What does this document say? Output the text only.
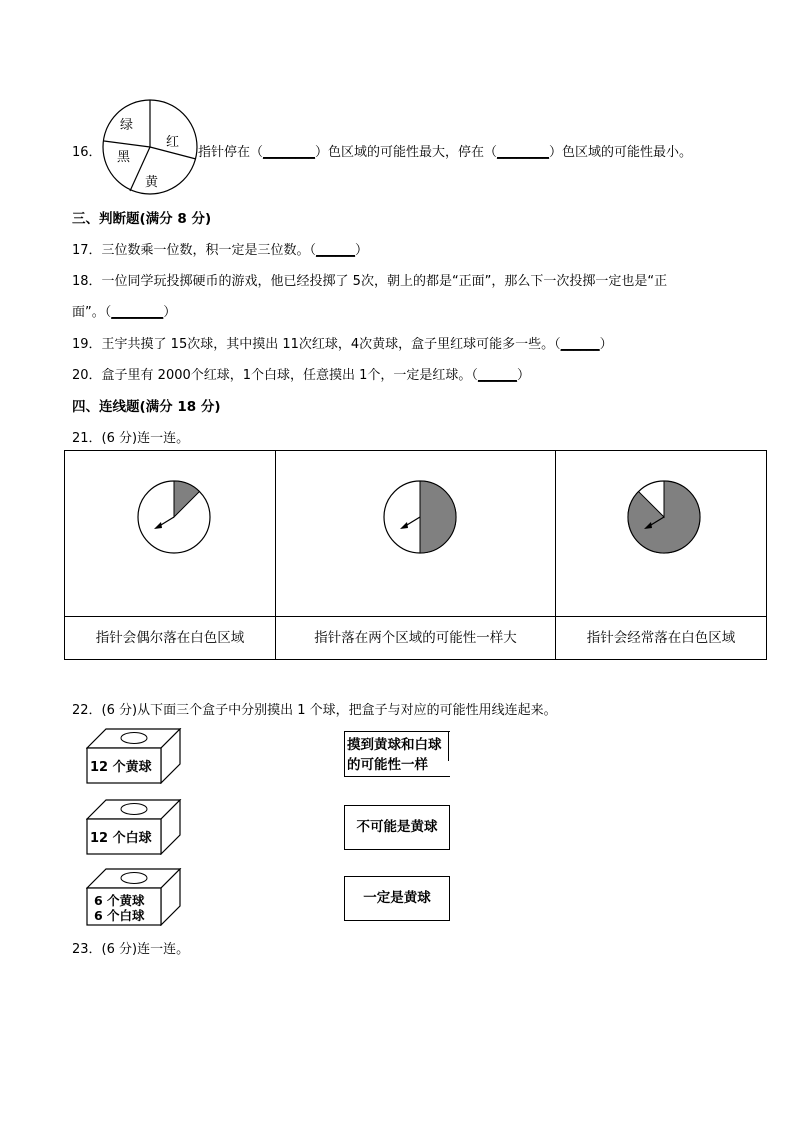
16．
绿
红
黑
黄
指针停在（________）色区域的可能性最大，停在（________）色区域的可能性最小。
三、判断题(满分 8 分)
17．三位数乘一位数，积一定是三位数。（______）
18．一位同学玩投掷硬币的游戏，他已经投掷了 5次，朝上的都是“正面”，那么下一次投掷一定也是“正
面”。（________）
19．王宇共摸了 15次球，其中摸出 11次红球，4次黄球，盒子里红球可能多一些。（______）
20．盒子里有 2000个红球，1个白球，任意摸出 1个，一定是红球。（______）
四、连线题(满分 18 分)
21．(6 分)连一连。
指针会偶尔落在白色区域	指针落在两个区域的可能性一样大	指针会经常落在白色区域
22．(6 分)从下面三个盒子中分别摸出 1 个球，把盒子与对应的可能性用线连起来。
12 个黄球
12 个白球
6 个黄球
6 个白球
摸到黄球和白球
的可能性一样
不可能是黄球
一定是黄球
23．(6 分)连一连。
